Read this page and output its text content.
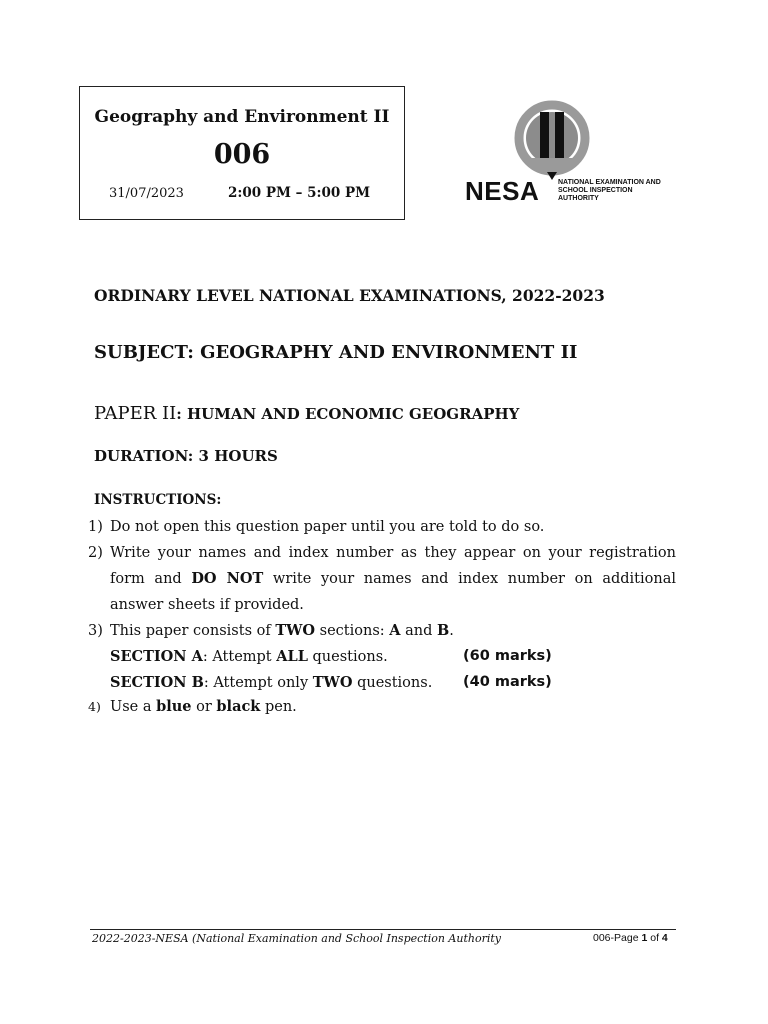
Geography and Environment II
006
31/07/2023	2:00 PM – 5:00 PM	NESA	NATIONAL EXAMINATION AND
SCHOOL INSPECTION
AUTHORITY
ORDINARY LEVEL NATIONAL EXAMINATIONS, 2022-2023
SUBJECT: GEOGRAPHY AND ENVIRONMENT II
PAPER II: HUMAN AND ECONOMIC GEOGRAPHY
DURATION: 3 HOURS
INSTRUCTIONS:
1) Do not open this question paper until you are told to do so.
2) Write your names and index number as they appear on your registration
form and DO NOT write your names and index number on additional
answer sheets if provided.
3) This paper consists of TWO sections: A and B.
SECTION A: Attempt ALL questions.	(60 marks)
SECTION B: Attempt only TWO questions. (40 marks)
4) Use a blue or black pen.
2022-2023-NESA (National Examination and School Inspection Authority	006-Page 1 of 4
